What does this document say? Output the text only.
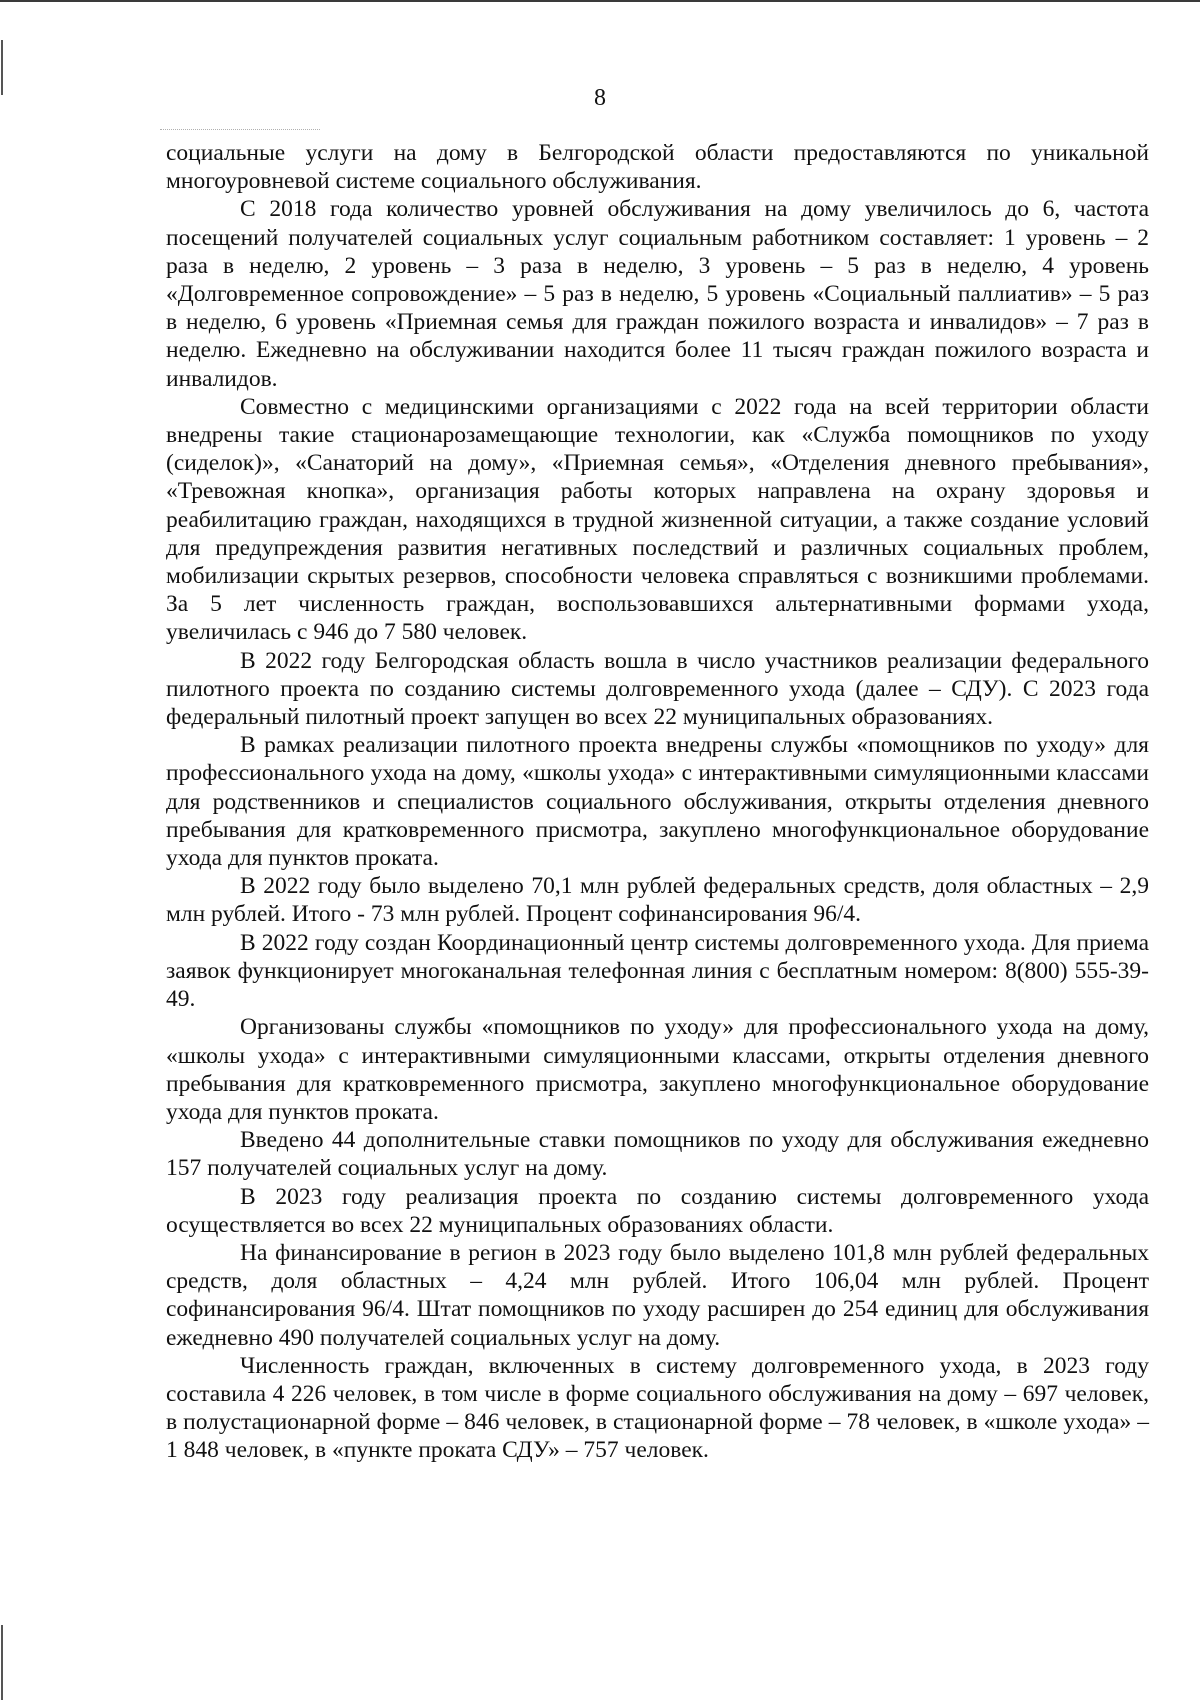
8

социальные услуги на дому в Белгородской области предоставляются по уникальной многоуровневой системе социального обслуживания.

С 2018 года количество уровней обслуживания на дому увеличилось до 6, частота посещений получателей социальных услуг социальным работником составляет: 1 уровень – 2 раза в неделю, 2 уровень – 3 раза в неделю, 3 уровень – 5 раз в неделю, 4 уровень «Долговременное сопровождение» – 5 раз в неделю, 5 уровень «Социальный паллиатив» – 5 раз в неделю, 6 уровень «Приемная семья для граждан пожилого возраста и инвалидов» – 7 раз в неделю. Ежедневно на обслуживании находится более 11 тысяч граждан пожилого возраста и инвалидов.

Совместно с медицинскими организациями с 2022 года на всей территории области внедрены такие стационарозамещающие технологии, как «Служба помощников по уходу (сиделок)», «Санаторий на дому», «Приемная семья», «Отделения дневного пребывания», «Тревожная кнопка», организация работы которых направлена на охрану здоровья и реабилитацию граждан, находящихся в трудной жизненной ситуации, а также создание условий для предупреждения развития негативных последствий и различных социальных проблем, мобилизации скрытых резервов, способности человека справляться с возникшими проблемами. За 5 лет численность граждан, воспользовавшихся альтернативными формами ухода, увеличилась с 946 до 7 580 человек.

В 2022 году Белгородская область вошла в число участников реализации федерального пилотного проекта по созданию системы долговременного ухода (далее – СДУ). С 2023 года федеральный пилотный проект запущен во всех 22 муниципальных образованиях.

В рамках реализации пилотного проекта внедрены службы «помощников по уходу» для профессионального ухода на дому, «школы ухода» с интерактивными симуляционными классами для родственников и специалистов социального обслуживания, открыты отделения дневного пребывания для кратковременного присмотра, закуплено многофункциональное оборудование ухода для пунктов проката.

В 2022 году было выделено 70,1 млн рублей федеральных средств, доля областных – 2,9 млн рублей. Итого - 73 млн рублей. Процент софинансирования 96/4.

В 2022 году создан Координационный центр системы долговременного ухода. Для приема заявок функционирует многоканальная телефонная линия с бесплатным номером: 8(800) 555-39-49.

Организованы службы «помощников по уходу» для профессионального ухода на дому, «школы ухода» с интерактивными симуляционными классами, открыты отделения дневного пребывания для кратковременного присмотра, закуплено многофункциональное оборудование ухода для пунктов проката.

Введено 44 дополнительные ставки помощников по уходу для обслуживания ежедневно 157 получателей социальных услуг на дому.

В 2023 году реализация проекта по созданию системы долговременного ухода осуществляется во всех 22 муниципальных образованиях области.

На финансирование в регион в 2023 году было выделено 101,8 млн рублей федеральных средств, доля областных – 4,24 млн рублей. Итого 106,04 млн рублей. Процент софинансирования 96/4. Штат помощников по уходу расширен до 254 единиц для обслуживания ежедневно 490 получателей социальных услуг на дому.

Численность граждан, включенных в систему долговременного ухода, в 2023 году составила 4 226 человек, в том числе в форме социального обслуживания на дому – 697 человек, в полустационарной форме – 846 человек, в стационарной форме – 78 человек, в «школе ухода» – 1 848 человек, в «пункте проката СДУ» – 757 человек.
